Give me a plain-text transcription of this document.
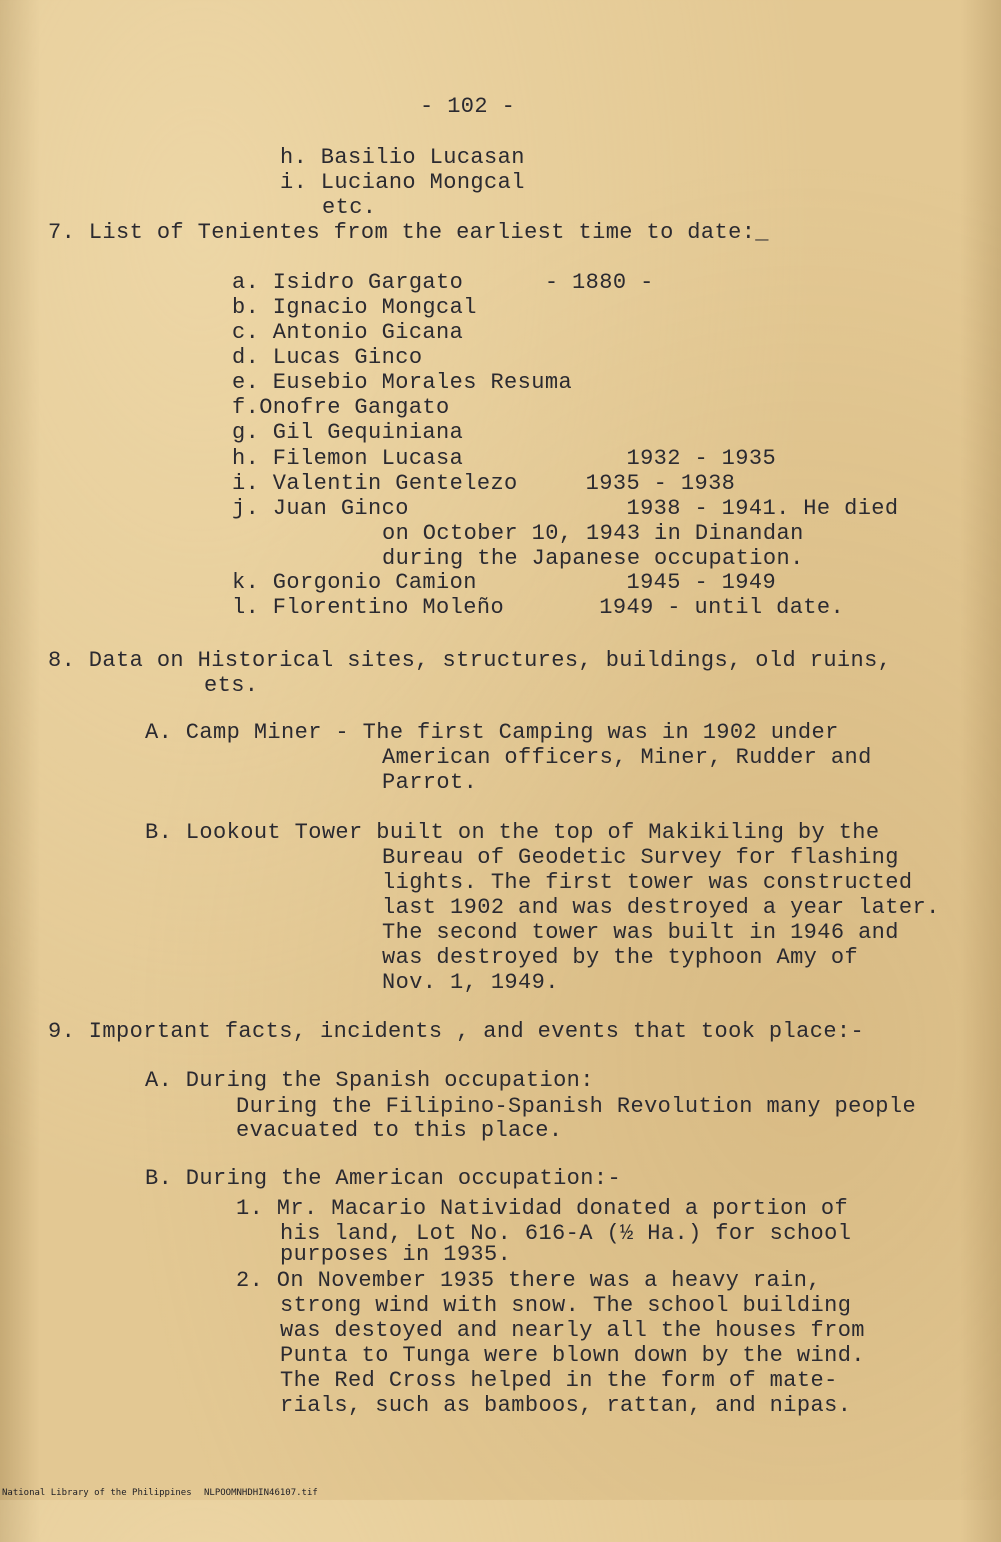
- 102 -
h. Basilio Lucasan
i. Luciano Mongcal
etc.
7. List of Tenientes from the earliest time to date:_
a. Isidro Gargato      - 1880 -
b. Ignacio Mongcal
c. Antonio Gicana
d. Lucas Ginco
e. Eusebio Morales Resuma
f.Onofre Gangato
g. Gil Gequiniana
h. Filemon Lucasa            1932 - 1935
i. Valentin Gentelezo     1935 - 1938
j. Juan Ginco                1938 - 1941. He died
on October 10, 1943 in Dinandan
during the Japanese occupation.
k. Gorgonio Camion           1945 - 1949
l. Florentino Moleño       1949 - until date.
8. Data on Historical sites, structures, buildings, old ruins,
ets.
A. Camp Miner - The first Camping was in 1902 under
American officers, Miner, Rudder and
Parrot.
B. Lookout Tower built on the top of Makikiling by the
Bureau of Geodetic Survey for flashing
lights. The first tower was constructed
last 1902 and was destroyed a year later.
The second tower was built in 1946 and
was destroyed by the typhoon Amy of
Nov. 1, 1949.
9. Important facts, incidents , and events that took place:-
A. During the Spanish occupation:
During the Filipino-Spanish Revolution many people
evacuated to this place.
B. During the American occupation:-
1. Mr. Macario Natividad donated a portion of
his land, Lot No. 616-A (½ Ha.) for school
purposes in 1935.
2. On November 1935 there was a heavy rain,
strong wind with snow. The school building
was destoyed and nearly all the houses from
Punta to Tunga were blown down by the wind.
The Red Cross helped in the form of mate-
rials, such as bamboos, rattan, and nipas.

National Library of the Philippines

NLPOOMNHDHIN46107.tif
